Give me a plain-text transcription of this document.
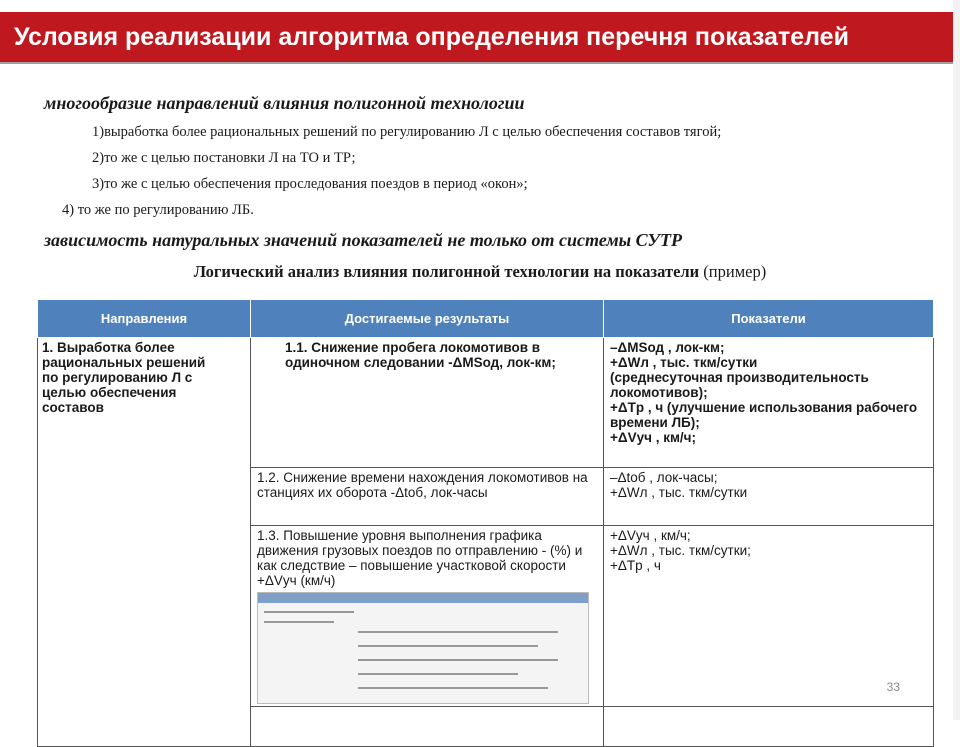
Условия реализации алгоритма определения перечня показателей
многообразие направлений влияния полигонной технологии
1)выработка более рациональных решений по регулированию Л с целью обеспечения составов тягой;
2)то же с целью постановки Л на ТО и ТР;
3)то же с целью обеспечения проследования поездов в период «окон»;
4) то же по регулированию ЛБ.
зависимость натуральных значений показателей не только от системы СУТР
Логический анализ влияния полигонной технологии на показатели (пример)
Направления	Достигаемые результаты	Показатели

1. Выработка более рациональных решений по регулированию Л с целью обеспечения составов	1.1. Снижение пробега локомотивов в одиночном следовании -ΔMSод, лок-км;	–ΔMSод , лок-км;
+ΔWл , тыс. ткм/сутки
(среднесуточная производительность локомотивов);
+ΔTр , ч (улучшение использования рабочего времени ЛБ);
+ΔVуч , км/ч;

	1.2. Снижение времени нахождения локомотивов на станциях их оборота -Δtоб, лок-часы	–Δtоб , лок-часы;
+ΔWл , тыс. ткм/сутки

	1.3. Повышение уровня выполнения графика движения грузовых поездов по отправлению - (%) и как следствие – повышение участковой скорости +ΔVуч (км/ч)	+ΔVуч , км/ч;
+ΔWл , тыс. ткм/сутки;
+ΔTр , ч

33
